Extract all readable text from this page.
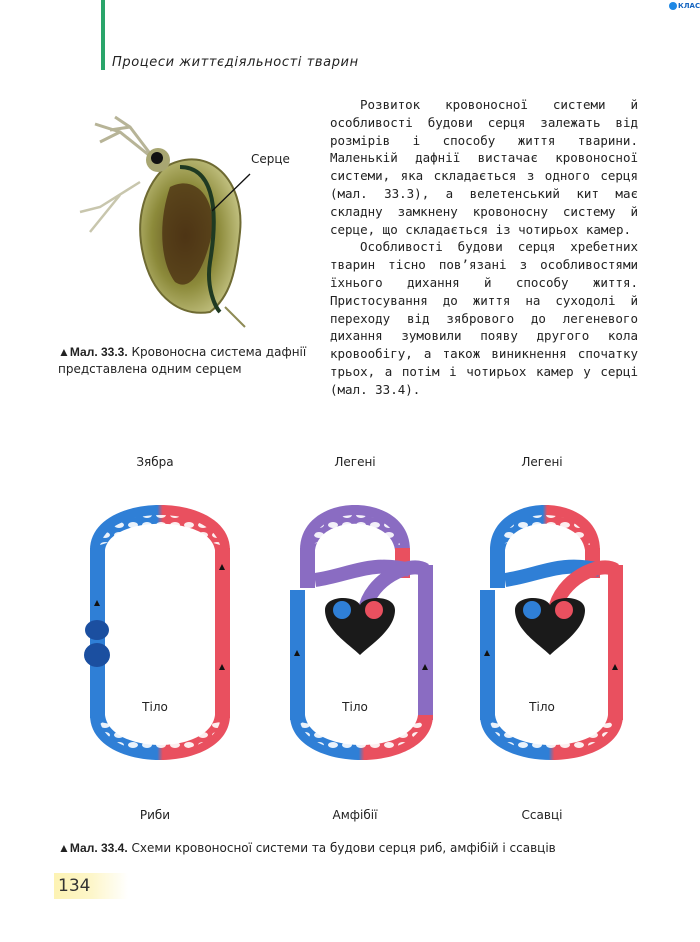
Процеси життєдіяльності тварин
КЛАС
Серце
▲Мал. 33.3. Кровоносна система дафнії представлена одним серцем

Розвиток кровоносної системи й особливості будови серця залежать від розмірів і способу життя тварини. Маленькій дафнії вистачає кровоносної системи, яка складається з одного серця (мал. 33.3), а велетенський кит має складну замкнену кровоносну систему й серце, що складається із чотирьох камер.

Особливості будови серця хребетних тварин тісно пов’язані з особливостями їхнього дихання й способу життя. Пристосування до життя на суходолі й переходу від зябрового до легеневого дихання зумовили появу другого кола кровообігу, а також виникнення спочатку трьох, а потім і чотирьох камер у серці (мал. 33.4).

Зябра	Легені	Легені
Тіло	Тіло	Тіло
Риби	Амфібії	Ссавці
▲Мал. 33.4. Схеми кровоносної системи та будови серця риб, амфібій і ссавців
134
